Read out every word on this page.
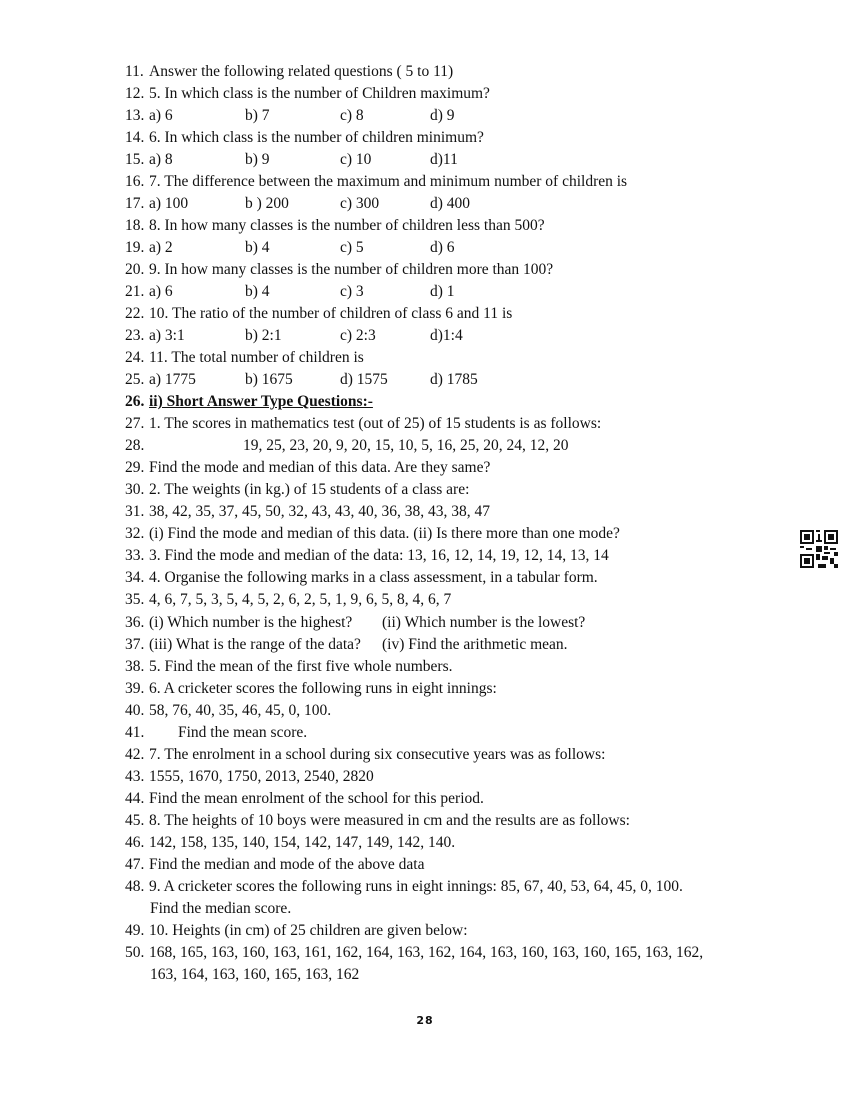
11. Answer the following related questions ( 5 to 11)
12. 5. In which class is the number of Children maximum?
13. a) 6	b) 7	c) 8	d) 9
14. 6. In which class is the number of children minimum?
15. a) 8	b) 9	c) 10	d)11
16. 7. The difference between the maximum and minimum number of children is
17. a) 100	b ) 200	c) 300	d) 400
18. 8. In how many classes is the number of children less than 500?
19. a) 2	b) 4	c) 5	d) 6
20. 9. In how many classes is the number of children more than 100?
21. a) 6	b) 4	c) 3	d) 1
22. 10. The ratio of the number of children of class 6 and 11 is
23. a) 3:1	b) 2:1	c) 2:3	d)1:4
24. 11. The total number of children is
25. a) 1775	b) 1675	d) 1575	d) 1785
26. ii) Short Answer Type Questions:-
27. 1. The scores in mathematics test (out of 25) of 15 students is as follows:
28.	19, 25, 23, 20, 9, 20, 15, 10, 5, 16, 25, 20, 24, 12, 20
29. Find the mode and median of this data. Are they same?
30. 2. The weights (in kg.) of 15 students of a class are:
31. 38, 42, 35, 37, 45, 50, 32, 43, 43, 40, 36, 38, 43, 38, 47
32. (i) Find the mode and median of this data. (ii) Is there more than one mode?
33. 3. Find the mode and median of the data: 13, 16, 12, 14, 19, 12, 14, 13, 14
34. 4. Organise the following marks in a class assessment, in a tabular form.
35. 4, 6, 7, 5, 3, 5, 4, 5, 2, 6, 2, 5, 1, 9, 6, 5, 8, 4, 6, 7
36. (i) Which number is the highest? (ii) Which number is the lowest?
37. (iii) What is the range of the data? (iv) Find the arithmetic mean.
38. 5. Find the mean of the first five whole numbers.
39. 6. A cricketer scores the following runs in eight innings:
40. 58, 76, 40, 35, 46, 45, 0, 100.
41. Find the mean score.
42. 7. The enrolment in a school during six consecutive years was as follows:
43. 1555, 1670, 1750, 2013, 2540, 2820
44. Find the mean enrolment of the school for this period.
45. 8. The heights of 10 boys were measured in cm and the results are as follows:
46. 142, 158, 135, 140, 154, 142, 147, 149, 142, 140.
47. Find the median and mode of the above data
48. 9. A cricketer scores the following runs in eight innings: 85, 67, 40, 53, 64, 45, 0, 100.
Find the median score.
49. 10. Heights (in cm) of 25 children are given below:
50. 168, 165, 163, 160, 163, 161, 162, 164, 163, 162, 164, 163, 160, 163, 160, 165, 163, 162,
163, 164, 163, 160, 165, 163, 162
28
